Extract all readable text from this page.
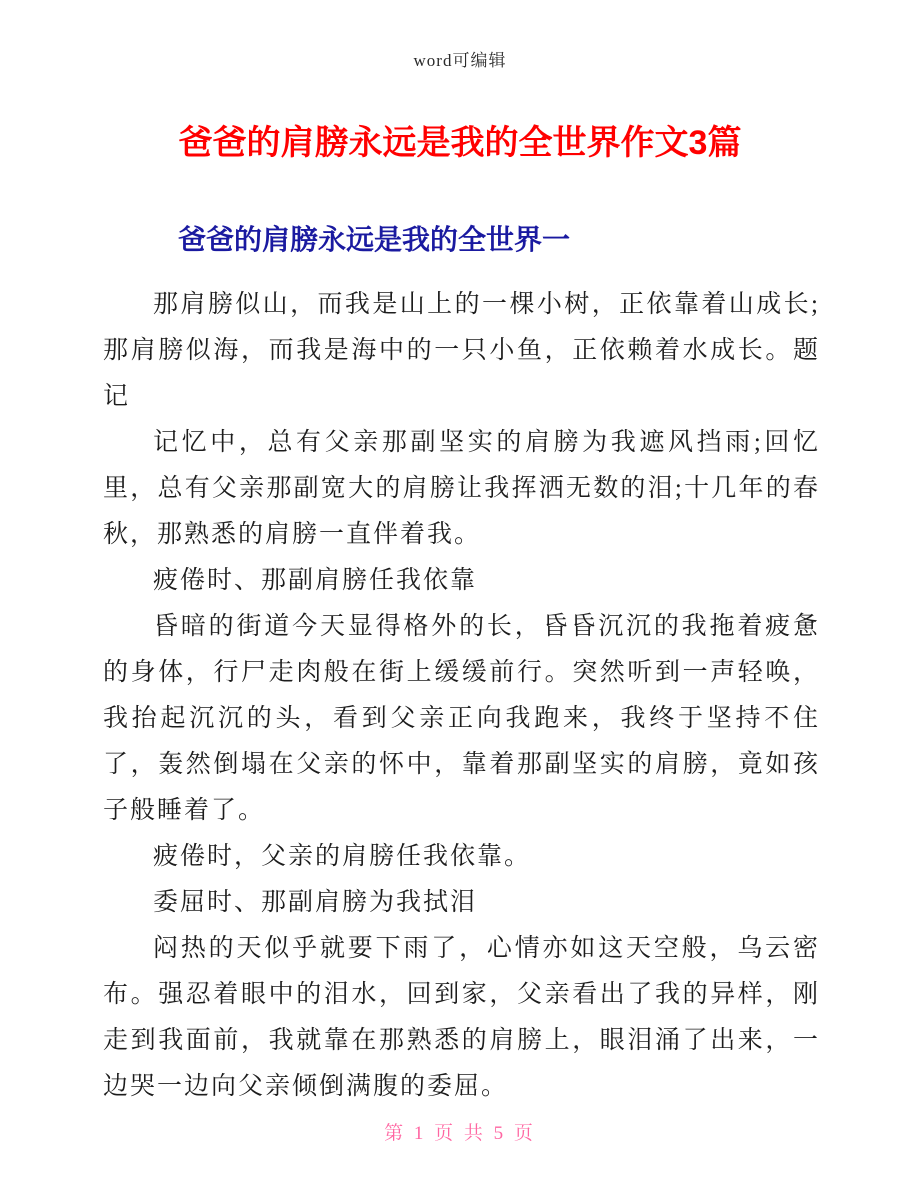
word可编辑
爸爸的肩膀永远是我的全世界作文3篇
爸爸的肩膀永远是我的全世界一

那肩膀似山，而我是山上的一棵小树，正依靠着山成长;那肩膀似海，而我是海中的一只小鱼，正依赖着水成长。题记

记忆中，总有父亲那副坚实的肩膀为我遮风挡雨;回忆里，总有父亲那副宽大的肩膀让我挥洒无数的泪;十几年的春秋，那熟悉的肩膀一直伴着我。

疲倦时、那副肩膀任我依靠

昏暗的街道今天显得格外的长，昏昏沉沉的我拖着疲惫的身体，行尸走肉般在街上缓缓前行。突然听到一声轻唤，我抬起沉沉的头，看到父亲正向我跑来，我终于坚持不住了，轰然倒塌在父亲的怀中，靠着那副坚实的肩膀，竟如孩子般睡着了。

疲倦时，父亲的肩膀任我依靠。

委屈时、那副肩膀为我拭泪

闷热的天似乎就要下雨了，心情亦如这天空般，乌云密布。强忍着眼中的泪水，回到家，父亲看出了我的异样，刚走到我面前，我就靠在那熟悉的肩膀上，眼泪涌了出来，一边哭一边向父亲倾倒满腹的委屈。

第 1 页 共 5 页
